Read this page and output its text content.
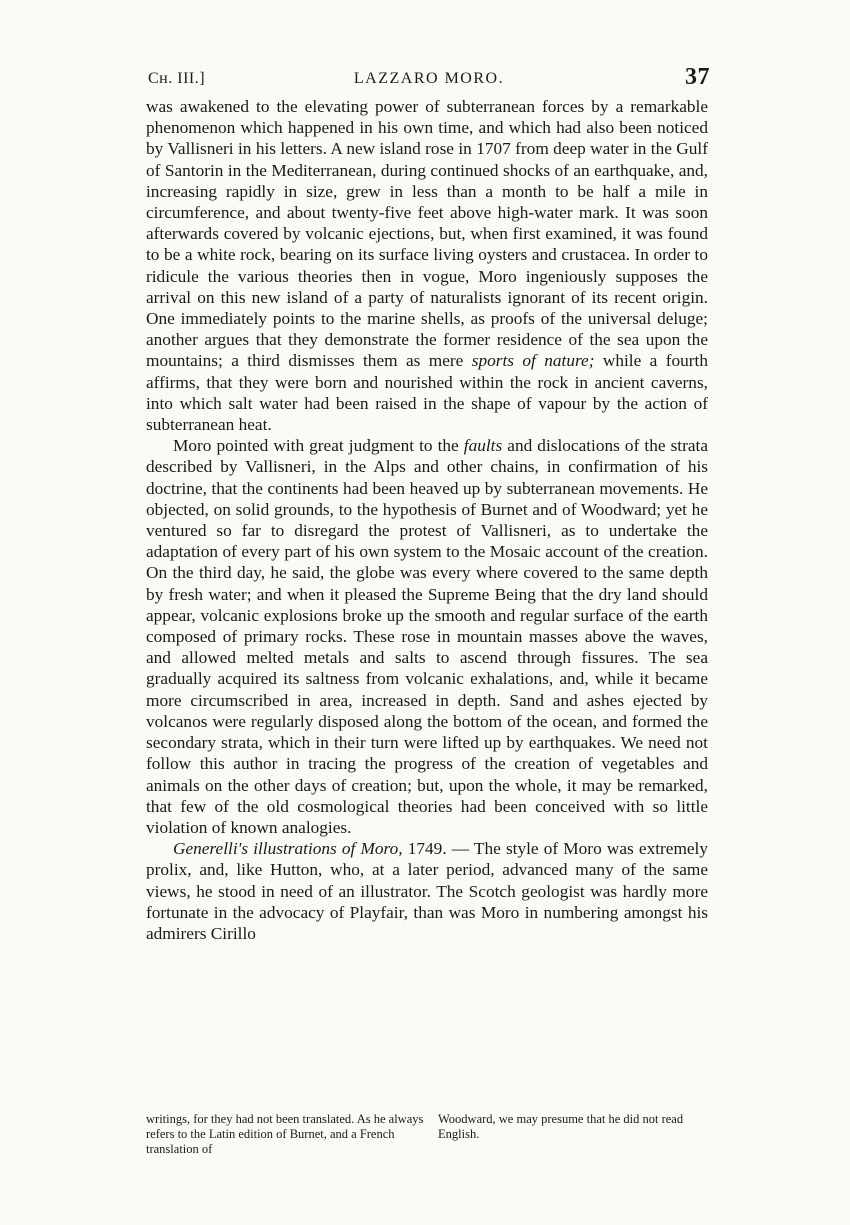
Cʜ. III.]	LAZZARO MORO.	37

was awakened to the elevating power of subterranean forces by a remarkable phenomenon which happened in his own time, and which had also been noticed by Vallisneri in his letters. A new island rose in 1707 from deep water in the Gulf of Santorin in the Mediterranean, during continued shocks of an earthquake, and, increasing rapidly in size, grew in less than a month to be half a mile in circumference, and about twenty-five feet above high-water mark. It was soon afterwards covered by volcanic ejections, but, when first examined, it was found to be a white rock, bearing on its surface living oysters and crustacea. In order to ridicule the various theories then in vogue, Moro ingeniously supposes the arrival on this new island of a party of naturalists ignorant of its recent origin. One immediately points to the marine shells, as proofs of the universal deluge; another argues that they demonstrate the former residence of the sea upon the mountains; a third dismisses them as mere sports of nature; while a fourth affirms, that they were born and nourished within the rock in ancient caverns, into which salt water had been raised in the shape of vapour by the action of subterranean heat.

Moro pointed with great judgment to the faults and dislocations of the strata described by Vallisneri, in the Alps and other chains, in confirmation of his doctrine, that the continents had been heaved up by subterranean movements. He objected, on solid grounds, to the hypothesis of Burnet and of Woodward; yet he ventured so far to disregard the protest of Vallisneri, as to undertake the adaptation of every part of his own system to the Mosaic account of the creation. On the third day, he said, the globe was every where covered to the same depth by fresh water; and when it pleased the Supreme Being that the dry land should appear, volcanic explosions broke up the smooth and regular surface of the earth composed of primary rocks. These rose in mountain masses above the waves, and allowed melted metals and salts to ascend through fissures. The sea gradually acquired its saltness from volcanic exhalations, and, while it became more circumscribed in area, increased in depth. Sand and ashes ejected by volcanos were regularly disposed along the bottom of the ocean, and formed the secondary strata, which in their turn were lifted up by earthquakes. We need not follow this author in tracing the progress of the creation of vegetables and animals on the other days of creation; but, upon the whole, it may be remarked, that few of the old cosmological theories had been conceived with so little violation of known analogies.

Generelli's illustrations of Moro, 1749. — The style of Moro was extremely prolix, and, like Hutton, who, at a later period, advanced many of the same views, he stood in need of an illustrator. The Scotch geologist was hardly more fortunate in the advocacy of Playfair, than was Moro in numbering amongst his admirers Cirillo

writings, for they had not been translated. As he always refers to the Latin edition of Burnet, and a French translation of
Woodward, we may presume that he did not read English.
